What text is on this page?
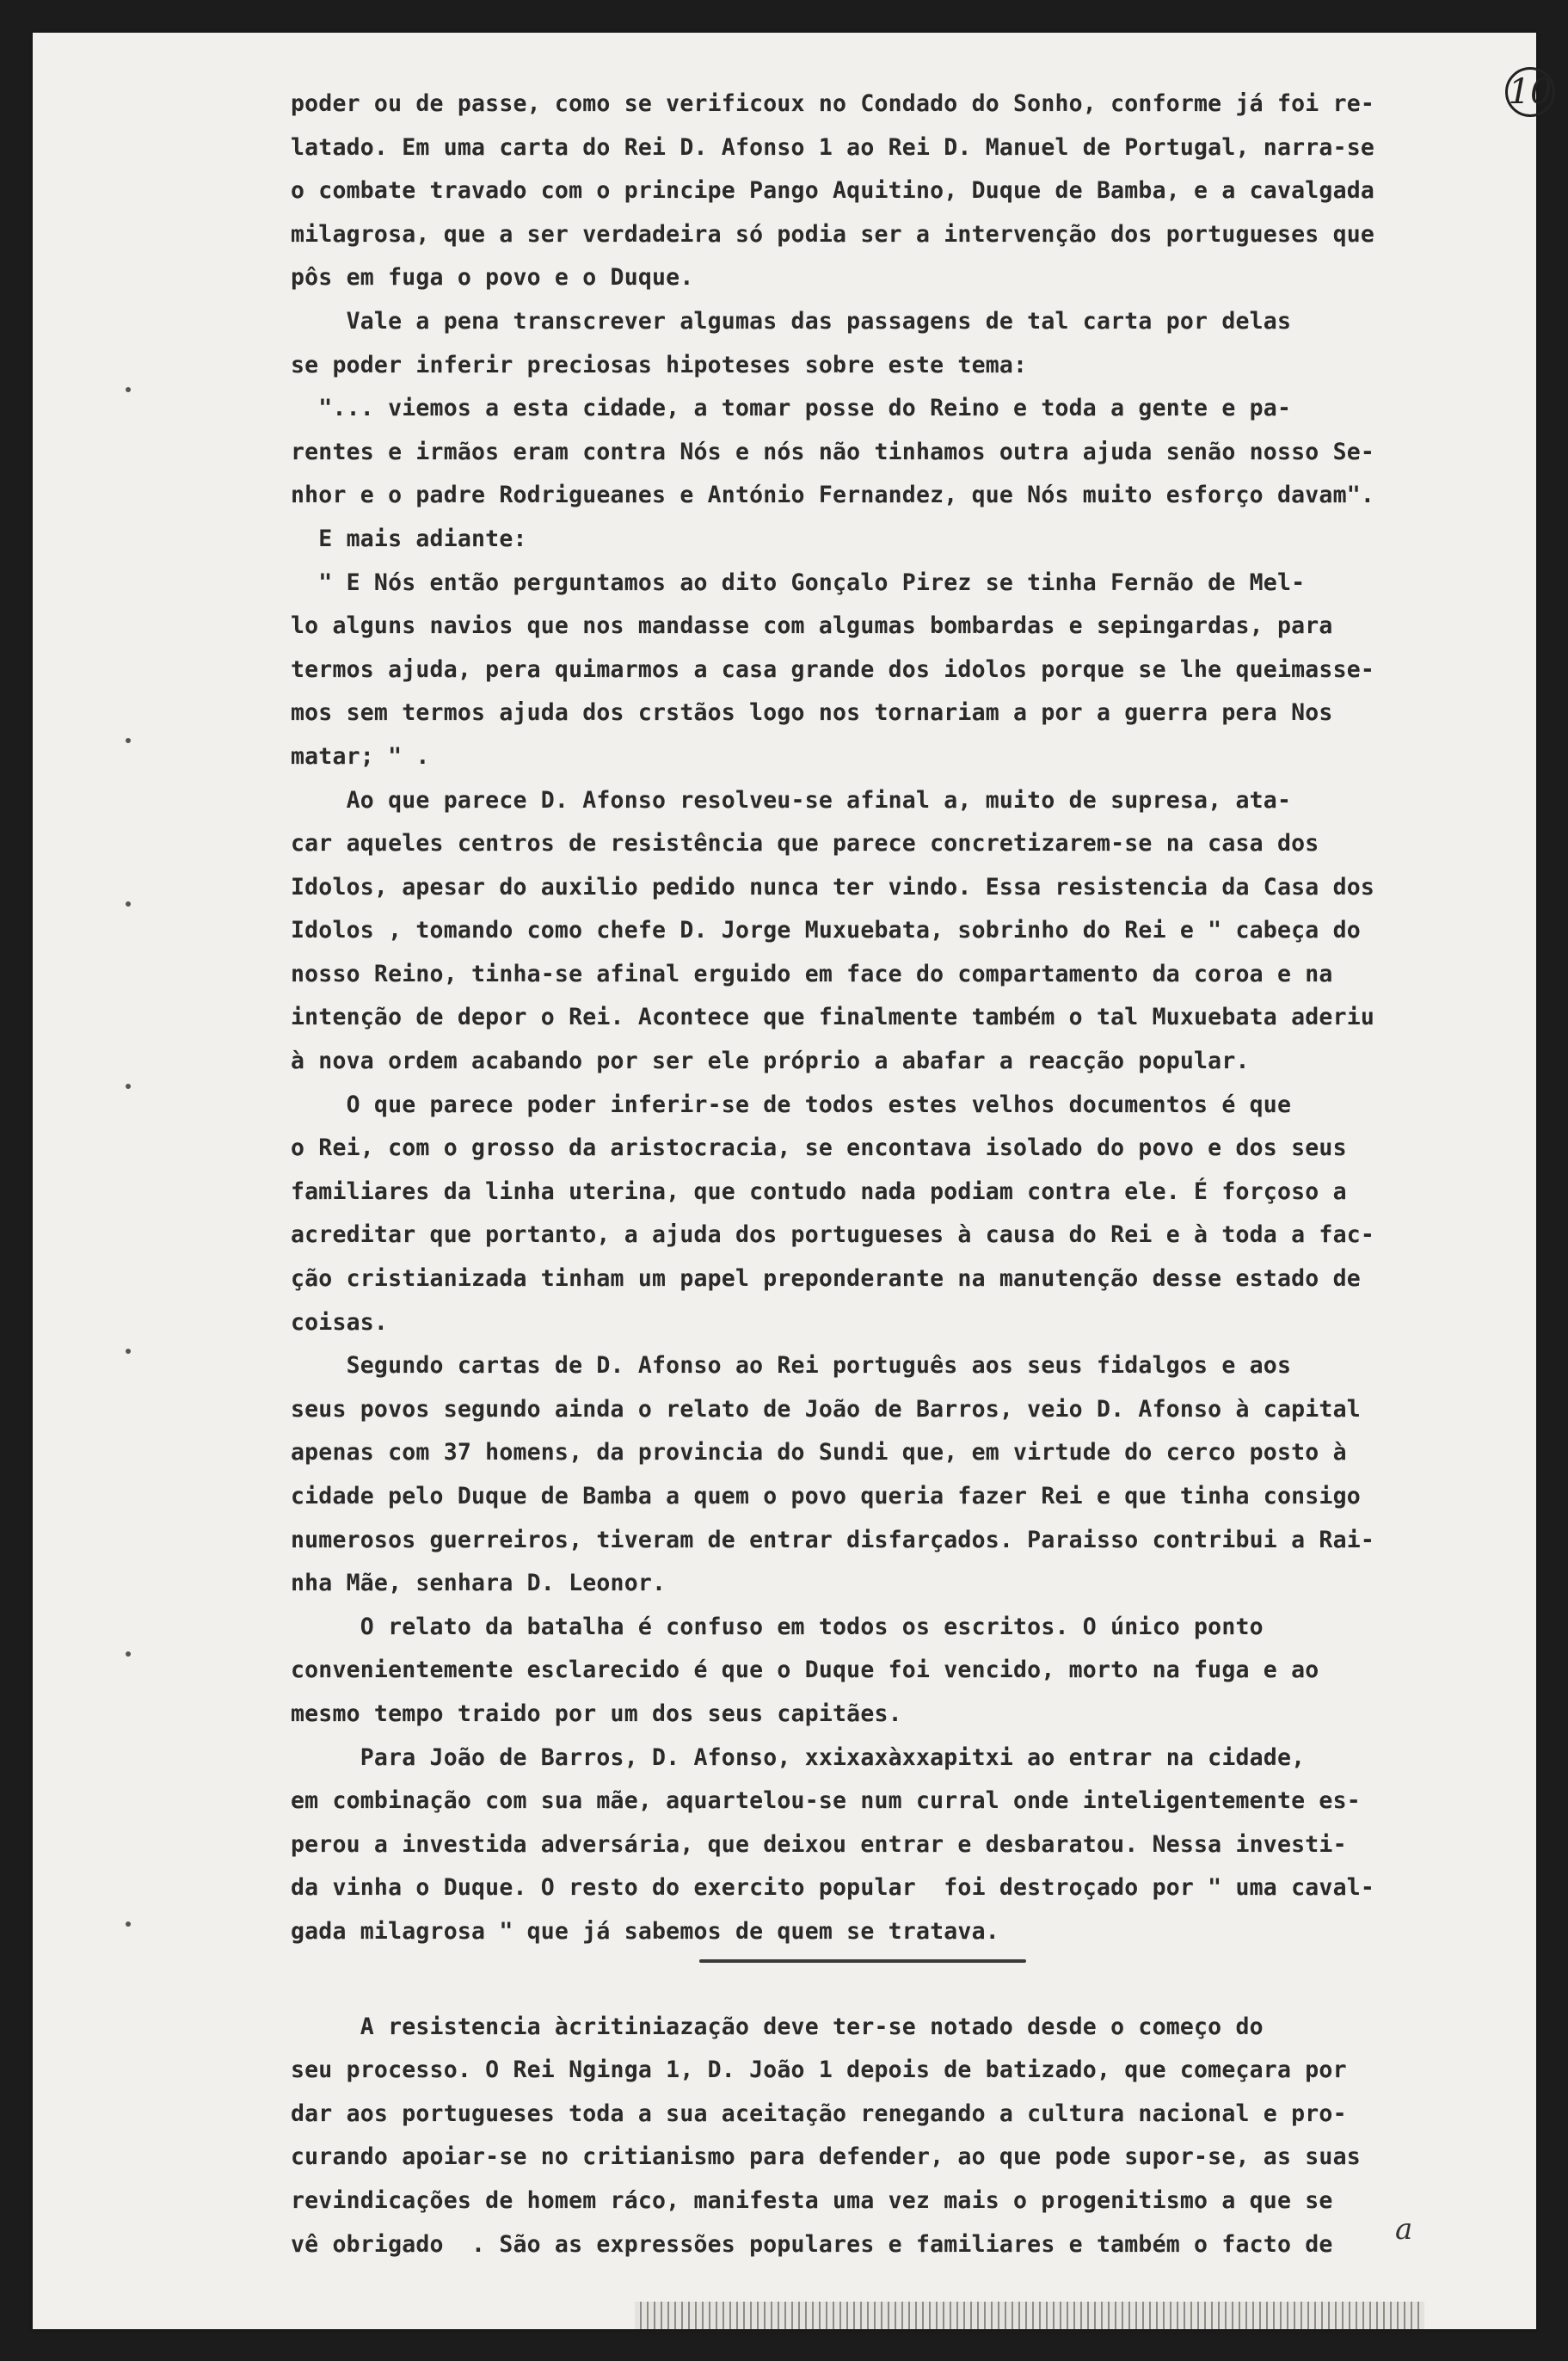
10
poder ou de passe, como se verificoux no Condado do Sonho, conforme já foi re-
latado. Em uma carta do Rei D. Afonso 1 ao Rei D. Manuel de Portugal, narra-se
o combate travado com o principe Pango Aquitino, Duque de Bamba, e a cavalgada
milagrosa, que a ser verdadeira só podia ser a intervenção dos portugueses que
pôs em fuga o povo e o Duque.
Vale a pena transcrever algumas das passagens de tal carta por delas
se poder inferir preciosas hipoteses sobre este tema:
"... viemos a esta cidade, a tomar posse do Reino e toda a gente e pa-
rentes e irmãos eram contra Nós e nós não tinhamos outra ajuda senão nosso Se-
nhor e o padre Rodrigueanes e António Fernandez, que Nós muito esforço davam".
E mais adiante:
" E Nós então perguntamos ao dito Gonçalo Pirez se tinha Fernão de Mel-
lo alguns navios que nos mandasse com algumas bombardas e sepingardas, para
termos ajuda, pera quimarmos a casa grande dos idolos porque se lhe queimasse-
mos sem termos ajuda dos crstãos logo nos tornariam a por a guerra pera Nos
matar; " .
Ao que parece D. Afonso resolveu-se afinal a, muito de supresa, ata-
car aqueles centros de resistência que parece concretizarem-se na casa dos
Idolos, apesar do auxilio pedido nunca ter vindo. Essa resistencia da Casa dos
Idolos , tomando como chefe D. Jorge Muxuebata, sobrinho do Rei e " cabeça do
nosso Reino, tinha-se afinal erguido em face do compartamento da coroa e na
intenção de depor o Rei. Acontece que finalmente também o tal Muxuebata aderiu
à nova ordem acabando por ser ele próprio a abafar a reacção popular.
O que parece poder inferir-se de todos estes velhos documentos é que
o Rei, com o grosso da aristocracia, se encontava isolado do povo e dos seus
familiares da linha uterina, que contudo nada podiam contra ele. É forçoso a
acreditar que portanto, a ajuda dos portugueses à causa do Rei e à toda a fac-
ção cristianizada tinham um papel preponderante na manutenção desse estado de
coisas.
Segundo cartas de D. Afonso ao Rei português aos seus fidalgos e aos
seus povos segundo ainda o relato de João de Barros, veio D. Afonso à capital
apenas com 37 homens, da provincia do Sundi que, em virtude do cerco posto à
cidade pelo Duque de Bamba a quem o povo queria fazer Rei e que tinha consigo
numerosos guerreiros, tiveram de entrar disfarçados. Paraisso contribui a Rai-
nha Mãe, senhara D. Leonor.
O relato da batalha é confuso em todos os escritos. O único ponto
convenientemente esclarecido é que o Duque foi vencido, morto na fuga e ao
mesmo tempo traido por um dos seus capitães.
Para João de Barros, D. Afonso, xxixaxàxxapitxi ao entrar na cidade,
em combinação com sua mãe, aquartelou-se num curral onde inteligentemente es-
perou a investida adversária, que deixou entrar e desbaratou. Nessa investi-
da vinha o Duque. O resto do exercito popular  foi destroçado por " uma caval-
gada milagrosa " que já sabemos de quem se tratava.
A resistencia àcritiniazação deve ter-se notado desde o começo do
seu processo. O Rei Nginga 1, D. João 1 depois de batizado, que começara por
dar aos portugueses toda a sua aceitação renegando a cultura nacional e pro-
curando apoiar-se no critianismo para defender, ao que pode supor-se, as suas
revindicações de homem ráco, manifesta uma vez mais o progenitismo a que se
vê obrigado  . São as expressões populares e familiares e também o facto de	a
